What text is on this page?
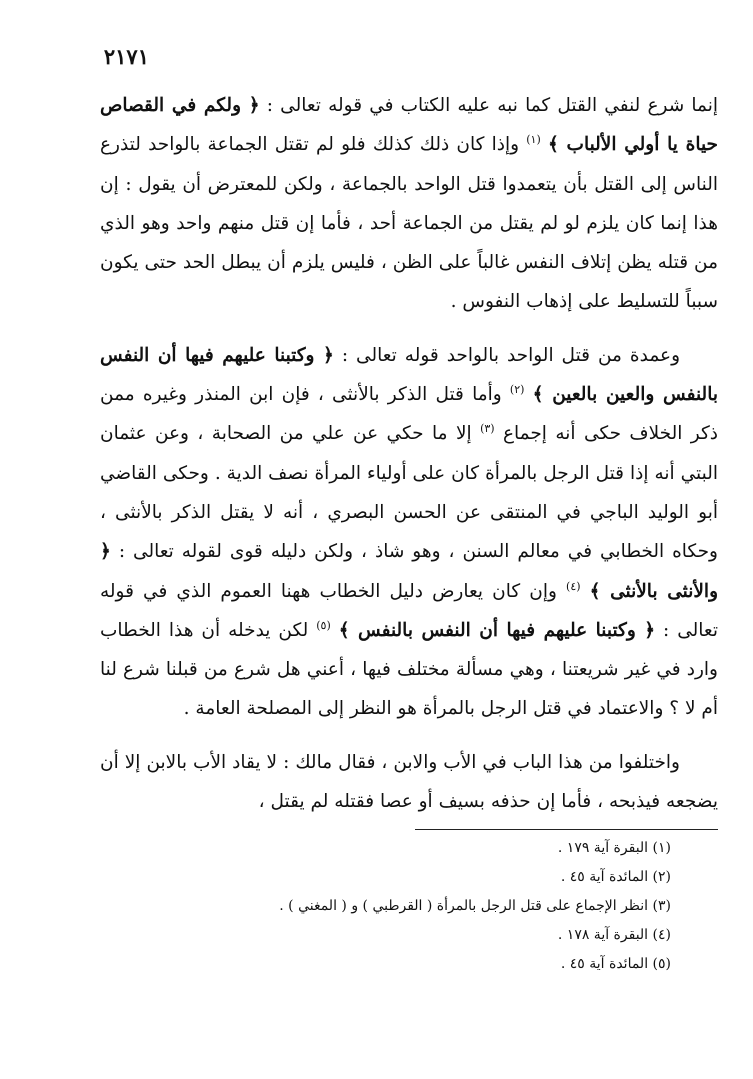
٢١٧١

إنما شرع لنفي القتل كما نبه عليه الكتاب في قوله تعالى : ﴿ ولكم في القصاص حياة يا أولي الألباب ﴾ $^{(١)}$ وإذا كان ذلك كذلك فلو لم تقتل الجماعة بالواحد لتذرع الناس إلى القتل بأن يتعمدوا قتل الواحد بالجماعة ، ولكن للمعترض أن يقول : إن هذا إنما كان يلزم لو لم يقتل من الجماعة أحد ، فأما إن قتل منهم واحد وهو الذي من قتله يظن إتلاف النفس غالباً على الظن ، فليس يلزم أن يبطل الحد حتى يكون سبباً للتسليط على إذهاب النفوس .

وعمدة من قتل الواحد بالواحد قوله تعالى : ﴿ وكتبنا عليهم فيها أن النفس بالنفس والعين بالعين ﴾ $^{(٢)}$ وأما قتل الذكر بالأنثى ، فإن ابن المنذر وغيره ممن ذكر الخلاف حكى أنه إجماع $^{(٣)}$ إلا ما حكي عن علي من الصحابة ، وعن عثمان البتي أنه إذا قتل الرجل بالمرأة كان على أولياء المرأة نصف الدية . وحكى القاضي أبو الوليد الباجي في المنتقى عن الحسن البصري ، أنه لا يقتل الذكر بالأنثى ، وحكاه الخطابي في معالم السنن ، وهو شاذ ، ولكن دليله قوى لقوله تعالى : ﴿ والأنثى بالأنثى ﴾ $^{(٤)}$ وإن كان يعارض دليل الخطاب ههنا العموم الذي في قوله تعالى : ﴿ وكتبنا عليهم فيها أن النفس بالنفس ﴾ $^{(٥)}$ لكن يدخله أن هذا الخطاب وارد في غير شريعتنا ، وهي مسألة مختلف فيها ، أعني هل شرع من قبلنا شرع لنا أم لا ؟ والاعتماد في قتل الرجل بالمرأة هو النظر إلى المصلحة العامة .

واختلفوا من هذا الباب في الأب والابن ، فقال مالك : لا يقاد الأب بالابن إلا أن يضجعه فيذبحه ، فأما إن حذفه بسيف أو عصا فقتله لم يقتل ،

(١) البقرة آية ١٧٩ .
(٢) المائدة آية ٤٥ .
(٣) انظر الإجماع على قتل الرجل بالمرأة ( القرطبي ) و ( المغني ) .
(٤) البقرة آية ١٧٨ .
(٥) المائدة آية ٤٥ .
